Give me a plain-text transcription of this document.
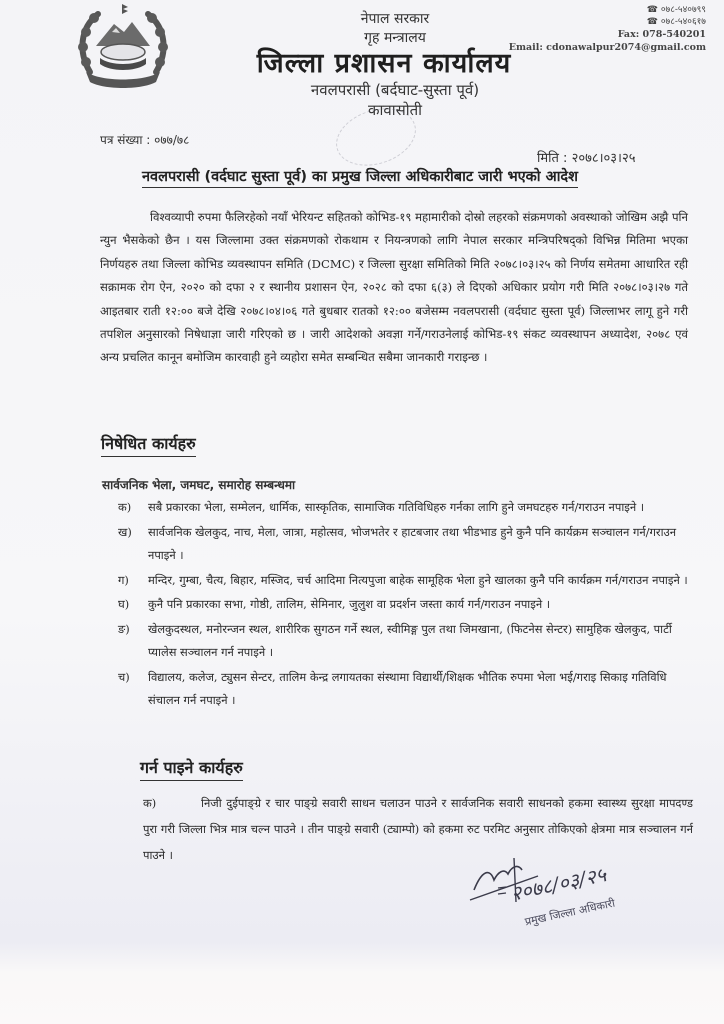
नेपाल सरकार
गृह मन्त्रालय
जिल्ला प्रशासन कार्यालय
नवलपरासी (बर्दघाट-सुस्ता पूर्व)
कावासोती
☎ ०७८-५४०७९९
☎ ०७८-५४०६१७
Fax: 078-540201
Email: cdonawalpur2074@gmail.com
पत्र संख्या : ०७७/७८
मिति : २०७८।०३।२५
नवलपरासी (वर्दघाट सुस्ता पूर्व) का प्रमुख जिल्ला अधिकारीबाट जारी भएको आदेश
विश्वव्यापी रुपमा फैलिरहेको नयाँ भेरियन्ट सहितको कोभिड-१९ महामारीको दोस्रो लहरको संक्रमणको अवस्थाको जोखिम अझै पनि न्युन भैसकेको छैन । यस जिल्लामा उक्त संक्रमणको रोकथाम र नियन्त्रणको लागि नेपाल सरकार मन्त्रिपरिषद्को विभिन्न मितिमा भएका निर्णयहरु तथा जिल्ला कोभिड व्यवस्थापन समिति (DCMC) र जिल्ला सुरक्षा समितिको मिति २०७८।०३।२५ को निर्णय समेतमा आधारित रही सक्रामक रोग ऐन, २०२० को दफा २ र स्थानीय प्रशासन ऐन, २०२८ को दफा ६(३) ले दिएको अधिकार प्रयोग गरी मिति २०७८।०३।२७ गते आइतबार राती १२:०० बजे देखि २०७८।०४।०६ गते बुधबार रातको १२:०० बजेसम्म नवलपरासी (वर्दघाट सुस्ता पूर्व) जिल्लाभर लागू हुने गरी तपशिल अनुसारको निषेधाज्ञा जारी गरिएको छ । जारी आदेशको अवज्ञा गर्ने/गराउनेलाई कोभिड-१९ संकट व्यवस्थापन अध्यादेश, २०७८ एवं अन्य प्रचलित कानून बमोजिम कारवाही हुने व्यहोरा समेत सम्बन्धित सबैमा जानकारी गराइन्छ ।
निषेधित कार्यहरु
सार्वजनिक भेला, जमघट, समारोह सम्बन्धमा
क) सबै प्रकारका भेला, सम्मेलन, धार्मिक, सास्कृतिक, सामाजिक गतिविधिहरु गर्नका लागि हुने जमघटहरु गर्न/गराउन नपाइने ।
ख) सार्वजनिक खेलकुद, नाच, मेला, जात्रा, महोत्सव, भोजभतेर र हाटबजार तथा भीडभाड हुने कुनै पनि कार्यक्रम सञ्चालन गर्न/गराउन नपाइने ।
ग) मन्दिर, गुम्बा, चैत्य, बिहार, मस्जिद, चर्च आदिमा नित्यपुजा बाहेक सामूहिक भेला हुने खालका कुनै पनि कार्यक्रम गर्न/गराउन नपाइने ।
घ) कुनै पनि प्रकारका सभा, गोष्ठी, तालिम, सेमिनार, जुलुश वा प्रदर्शन जस्ता कार्य गर्न/गराउन नपाइने ।
ङ) खेलकुदस्थल, मनोरन्जन स्थल, शारीरिक सुगठन गर्ने स्थल, स्वीमिङ्ग पुल तथा जिमखाना, (फिटनेस सेन्टर) सामुहिक खेलकुद, पार्टी प्यालेस सञ्चालन गर्न नपाइने ।
च) विद्यालय, कलेज, ट्युसन सेन्टर, तालिम केन्द्र लगायतका संस्थामा विद्यार्थी/शिक्षक भौतिक रुपमा भेला भई/गराइ सिकाइ गतिविधि संचालन गर्न नपाइने ।
गर्न पाइने कार्यहरु
क)	निजी दुईपाङ्ग्रे र चार पाङ्ग्रे सवारी साधन चलाउन पाउने र सार्वजनिक सवारी साधनको हकमा स्वास्थ्य सुरक्षा मापदण्ड पुरा गरी जिल्ला भित्र मात्र चल्न पाउने । तीन पाङ्ग्रे सवारी (ट्याम्पो) को हकमा रुट परमिट अनुसार तोकिएको क्षेत्रमा मात्र सञ्चालन गर्न पाउने ।
२०७८/०३/२५
प्रमुख जिल्ला अधिकारी
